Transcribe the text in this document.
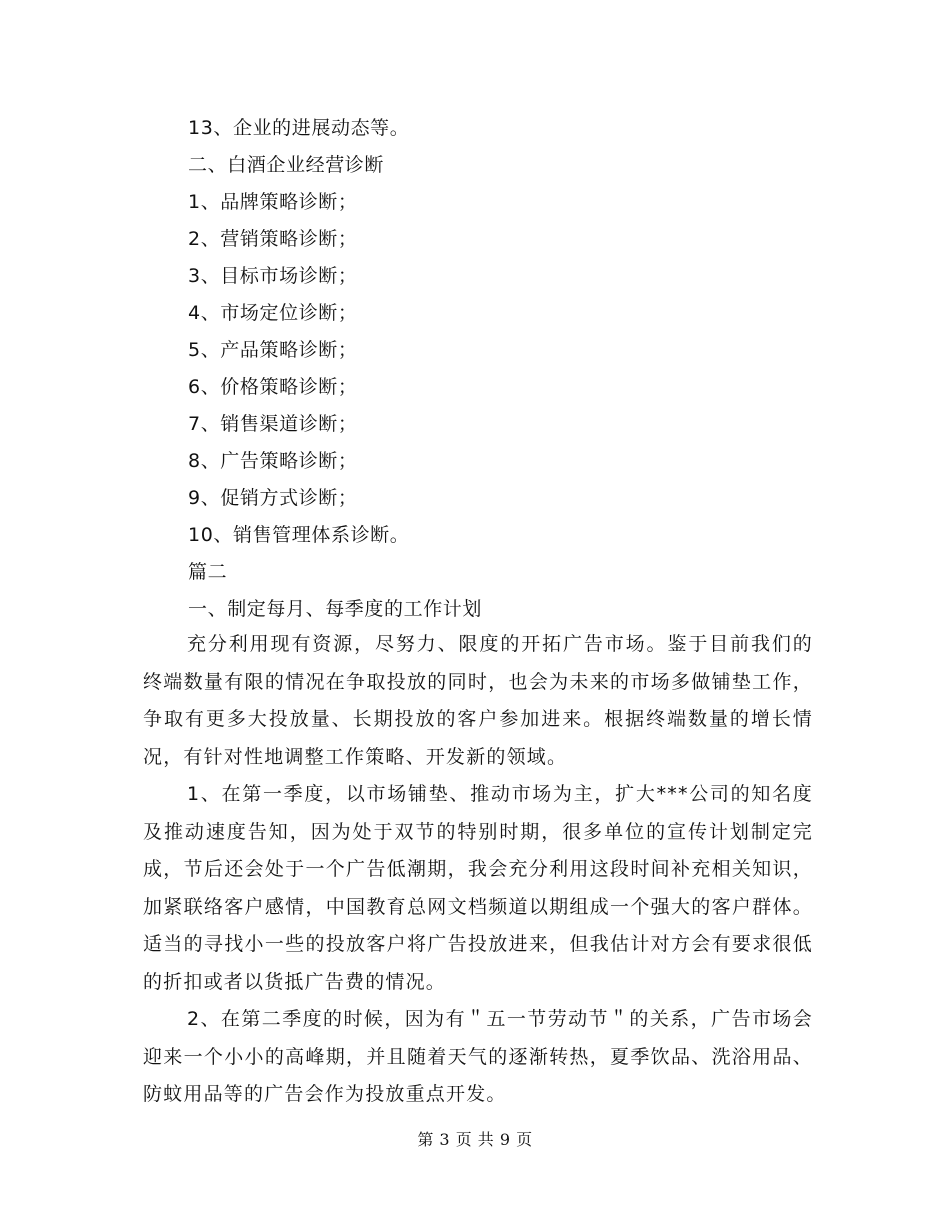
13、企业的进展动态等。
二、白酒企业经营诊断
1、品牌策略诊断；
2、营销策略诊断；
3、目标市场诊断；
4、市场定位诊断；
5、产品策略诊断；
6、价格策略诊断；
7、销售渠道诊断；
8、广告策略诊断；
9、促销方式诊断；
10、销售管理体系诊断。
篇二
一、制定每月、每季度的工作计划

充分利用现有资源，尽努力、限度的开拓广告市场。鉴于目前我们的终端数量有限的情况在争取投放的同时，也会为未来的市场多做铺垫工作，争取有更多大投放量、长期投放的客户参加进来。根据终端数量的增长情况，有针对性地调整工作策略、开发新的领域。

1、在第一季度，以市场铺垫、推动市场为主，扩大***公司的知名度及推动速度告知，因为处于双节的特别时期，很多单位的宣传计划制定完成，节后还会处于一个广告低潮期，我会充分利用这段时间补充相关知识，加紧联络客户感情，中国教育总网文档频道以期组成一个强大的客户群体。适当的寻找小一些的投放客户将广告投放进来，但我估计对方会有要求很低的折扣或者以货抵广告费的情况。

2、在第二季度的时候，因为有＂五一节劳动节＂的关系，广告市场会迎来一个小小的高峰期，并且随着天气的逐渐转热，夏季饮品、洗浴用品、防蚊用品等的广告会作为投放重点开发。

第 3 页 共 9 页
